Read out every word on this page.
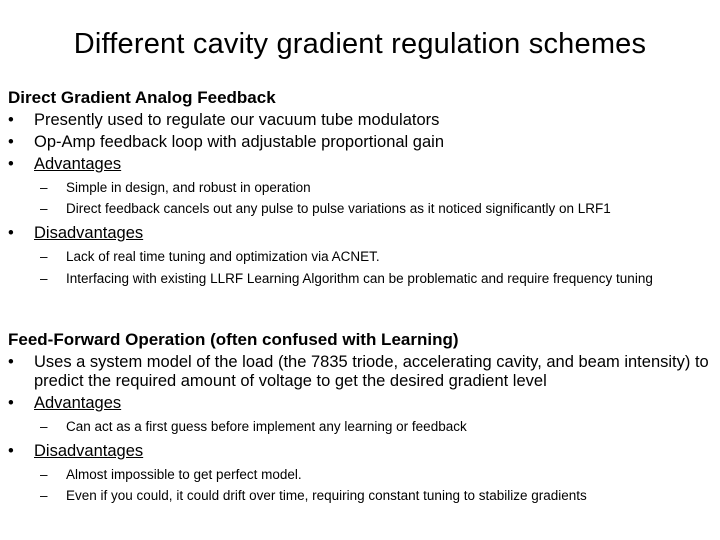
Different cavity gradient regulation schemes
Direct Gradient Analog Feedback
• Presently used to regulate our vacuum tube modulators
• Op-Amp feedback loop with adjustable proportional gain
• Advantages
– Simple in design, and robust in operation
– Direct feedback cancels out any pulse to pulse variations as it noticed significantly on LRF1
• Disadvantages
– Lack of real time tuning and optimization via ACNET.
– Interfacing with existing LLRF Learning Algorithm can be problematic and require frequency tuning
Feed-Forward Operation (often confused with Learning)
• Uses a system model of the load (the 7835 triode, accelerating cavity, and beam intensity) to predict the required amount of voltage to get the desired gradient level
• Advantages
– Can act as a first guess before implement any learning or feedback
• Disadvantages
– Almost impossible to get perfect model.
– Even if you could, it could drift over time, requiring constant tuning to stabilize gradients
